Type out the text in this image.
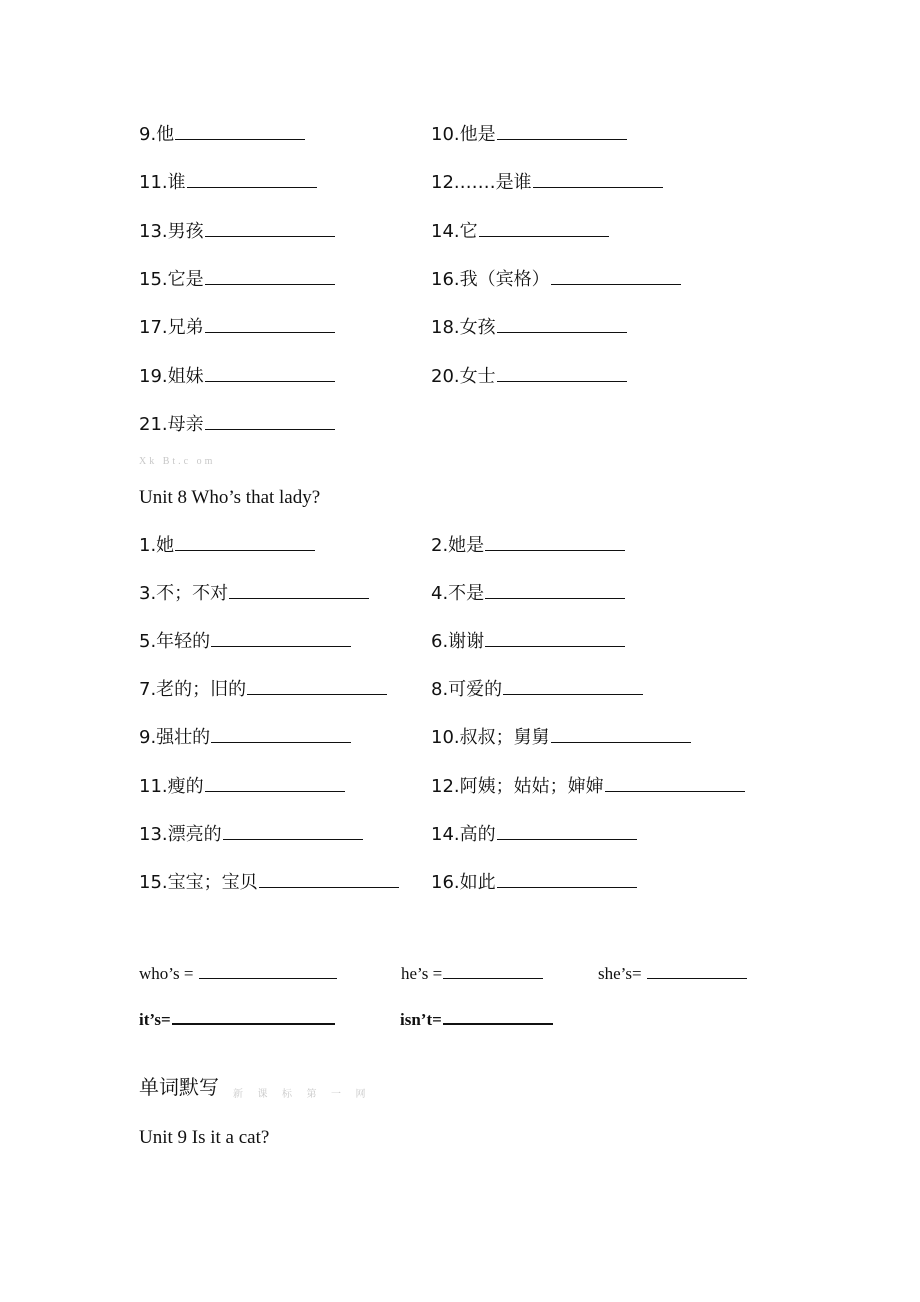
9.他	10.他是
11.谁	12.……是谁
13.男孩	14.它
15.它是	16.我（宾格）
17.兄弟	18.女孩
19.姐妹	20.女士
21.母亲
Xk Bt.c om
Unit 8 Who’s that lady?
1.她	2.她是
3.不；不对	4.不是
5.年轻的	6.谢谢
7.老的；旧的	8.可爱的
9.强壮的	10.叔叔；舅舅
11.瘦的	12.阿姨；姑姑；婶婶
13.漂亮的	14.高的
15.宝宝；宝贝	16.如此
who’s =	he’s =	she’s=
it’s=	isn’t=
单词默写 新 课 标 第 一 网
Unit 9 Is it a cat?
